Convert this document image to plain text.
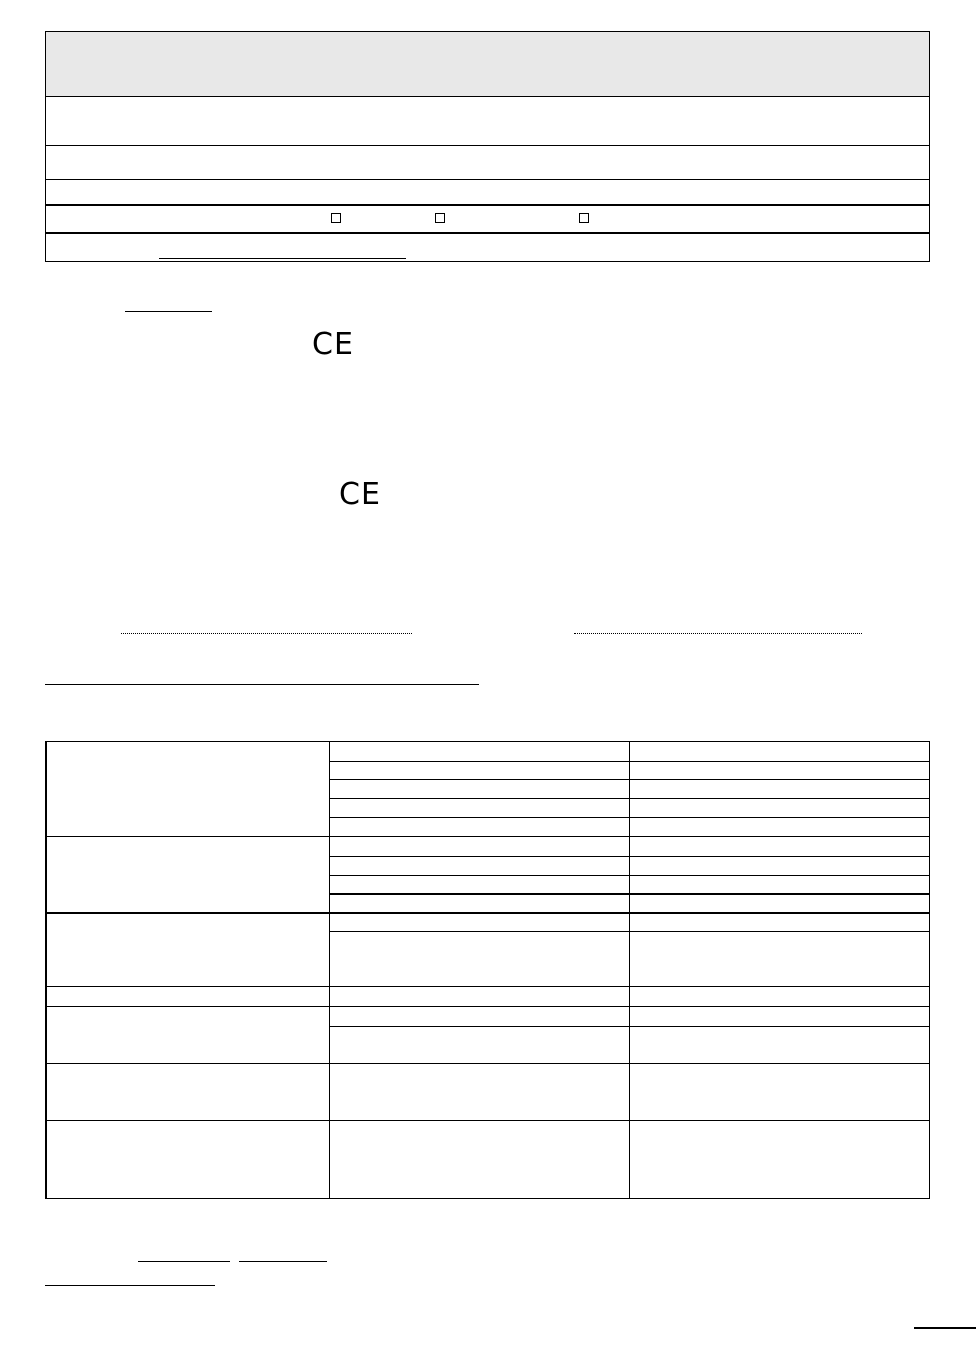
CE
CE
